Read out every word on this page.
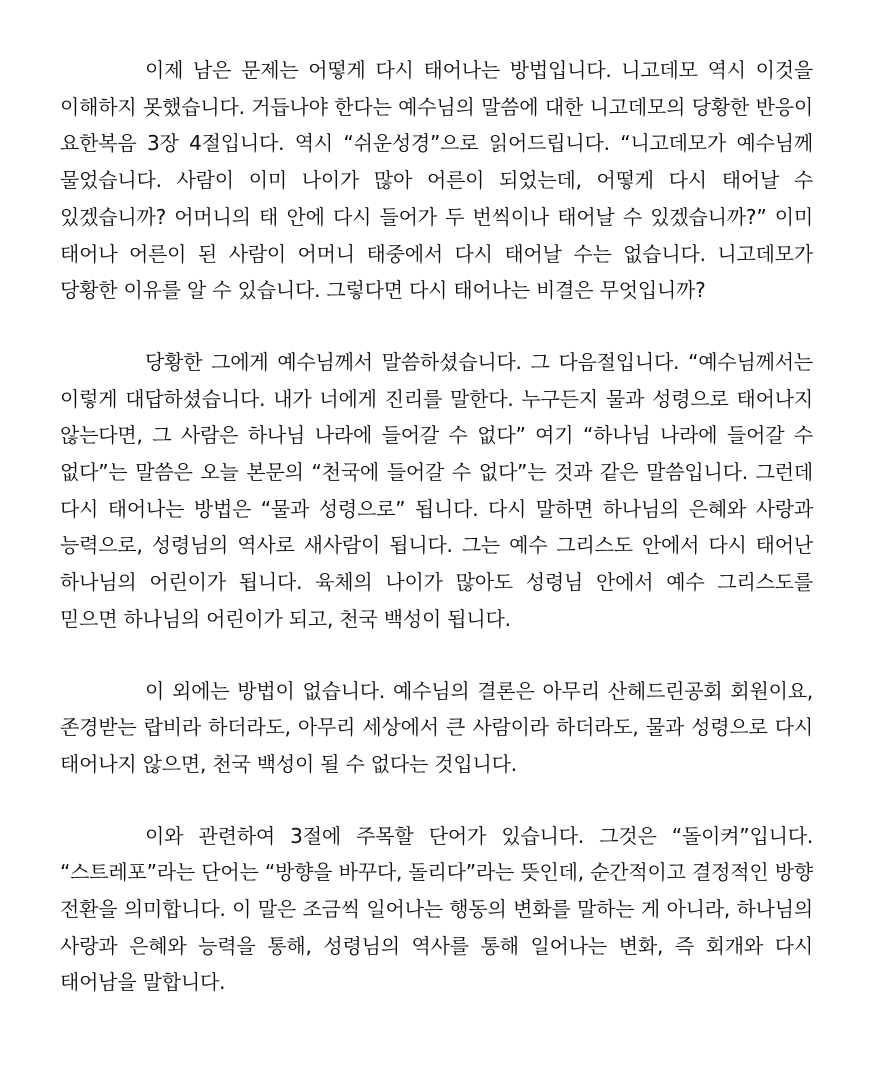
이제 남은 문제는 어떻게 다시 태어나는 방법입니다. 니고데모 역시 이것을 이해하지 못했습니다. 거듭나야 한다는 예수님의 말씀에 대한 니고데모의 당황한 반응이 요한복음 3장 4절입니다. 역시 “쉬운성경”으로 읽어드립니다. “니고데모가 예수님께 물었습니다. 사람이 이미 나이가 많아 어른이 되었는데, 어떻게 다시 태어날 수 있겠습니까? 어머니의 태 안에 다시 들어가 두 번씩이나 태어날 수 있겠습니까?” 이미 태어나 어른이 된 사람이 어머니 태중에서 다시 태어날 수는 없습니다. 니고데모가 당황한 이유를 알 수 있습니다. 그렇다면 다시 태어나는 비결은 무엇입니까?

당황한 그에게 예수님께서 말씀하셨습니다. 그 다음절입니다. “예수님께서는 이렇게 대답하셨습니다. 내가 너에게 진리를 말한다. 누구든지 물과 성령으로 태어나지 않는다면, 그 사람은 하나님 나라에 들어갈 수 없다” 여기 “하나님 나라에 들어갈 수 없다”는 말씀은 오늘 본문의 “천국에 들어갈 수 없다”는 것과 같은 말씀입니다. 그런데 다시 태어나는 방법은 “물과 성령으로” 됩니다. 다시 말하면 하나님의 은혜와 사랑과 능력으로, 성령님의 역사로 새사람이 됩니다. 그는 예수 그리스도 안에서 다시 태어난 하나님의 어린이가 됩니다. 육체의 나이가 많아도 성령님 안에서 예수 그리스도를 믿으면 하나님의 어린이가 되고, 천국 백성이 됩니다.

이 외에는 방법이 없습니다. 예수님의 결론은 아무리 산헤드린공회 회원이요, 존경받는 랍비라 하더라도, 아무리 세상에서 큰 사람이라 하더라도, 물과 성령으로 다시 태어나지 않으면, 천국 백성이 될 수 없다는 것입니다.

이와 관련하여 3절에 주목할 단어가 있습니다. 그것은 “돌이켜”입니다. “스트레포”라는 단어는 “방향을 바꾸다, 돌리다”라는 뜻인데, 순간적이고 결정적인 방향 전환을 의미합니다. 이 말은 조금씩 일어나는 행동의 변화를 말하는 게 아니라, 하나님의 사랑과 은혜와 능력을 통해, 성령님의 역사를 통해 일어나는 변화, 즉 회개와 다시 태어남을 말합니다.
